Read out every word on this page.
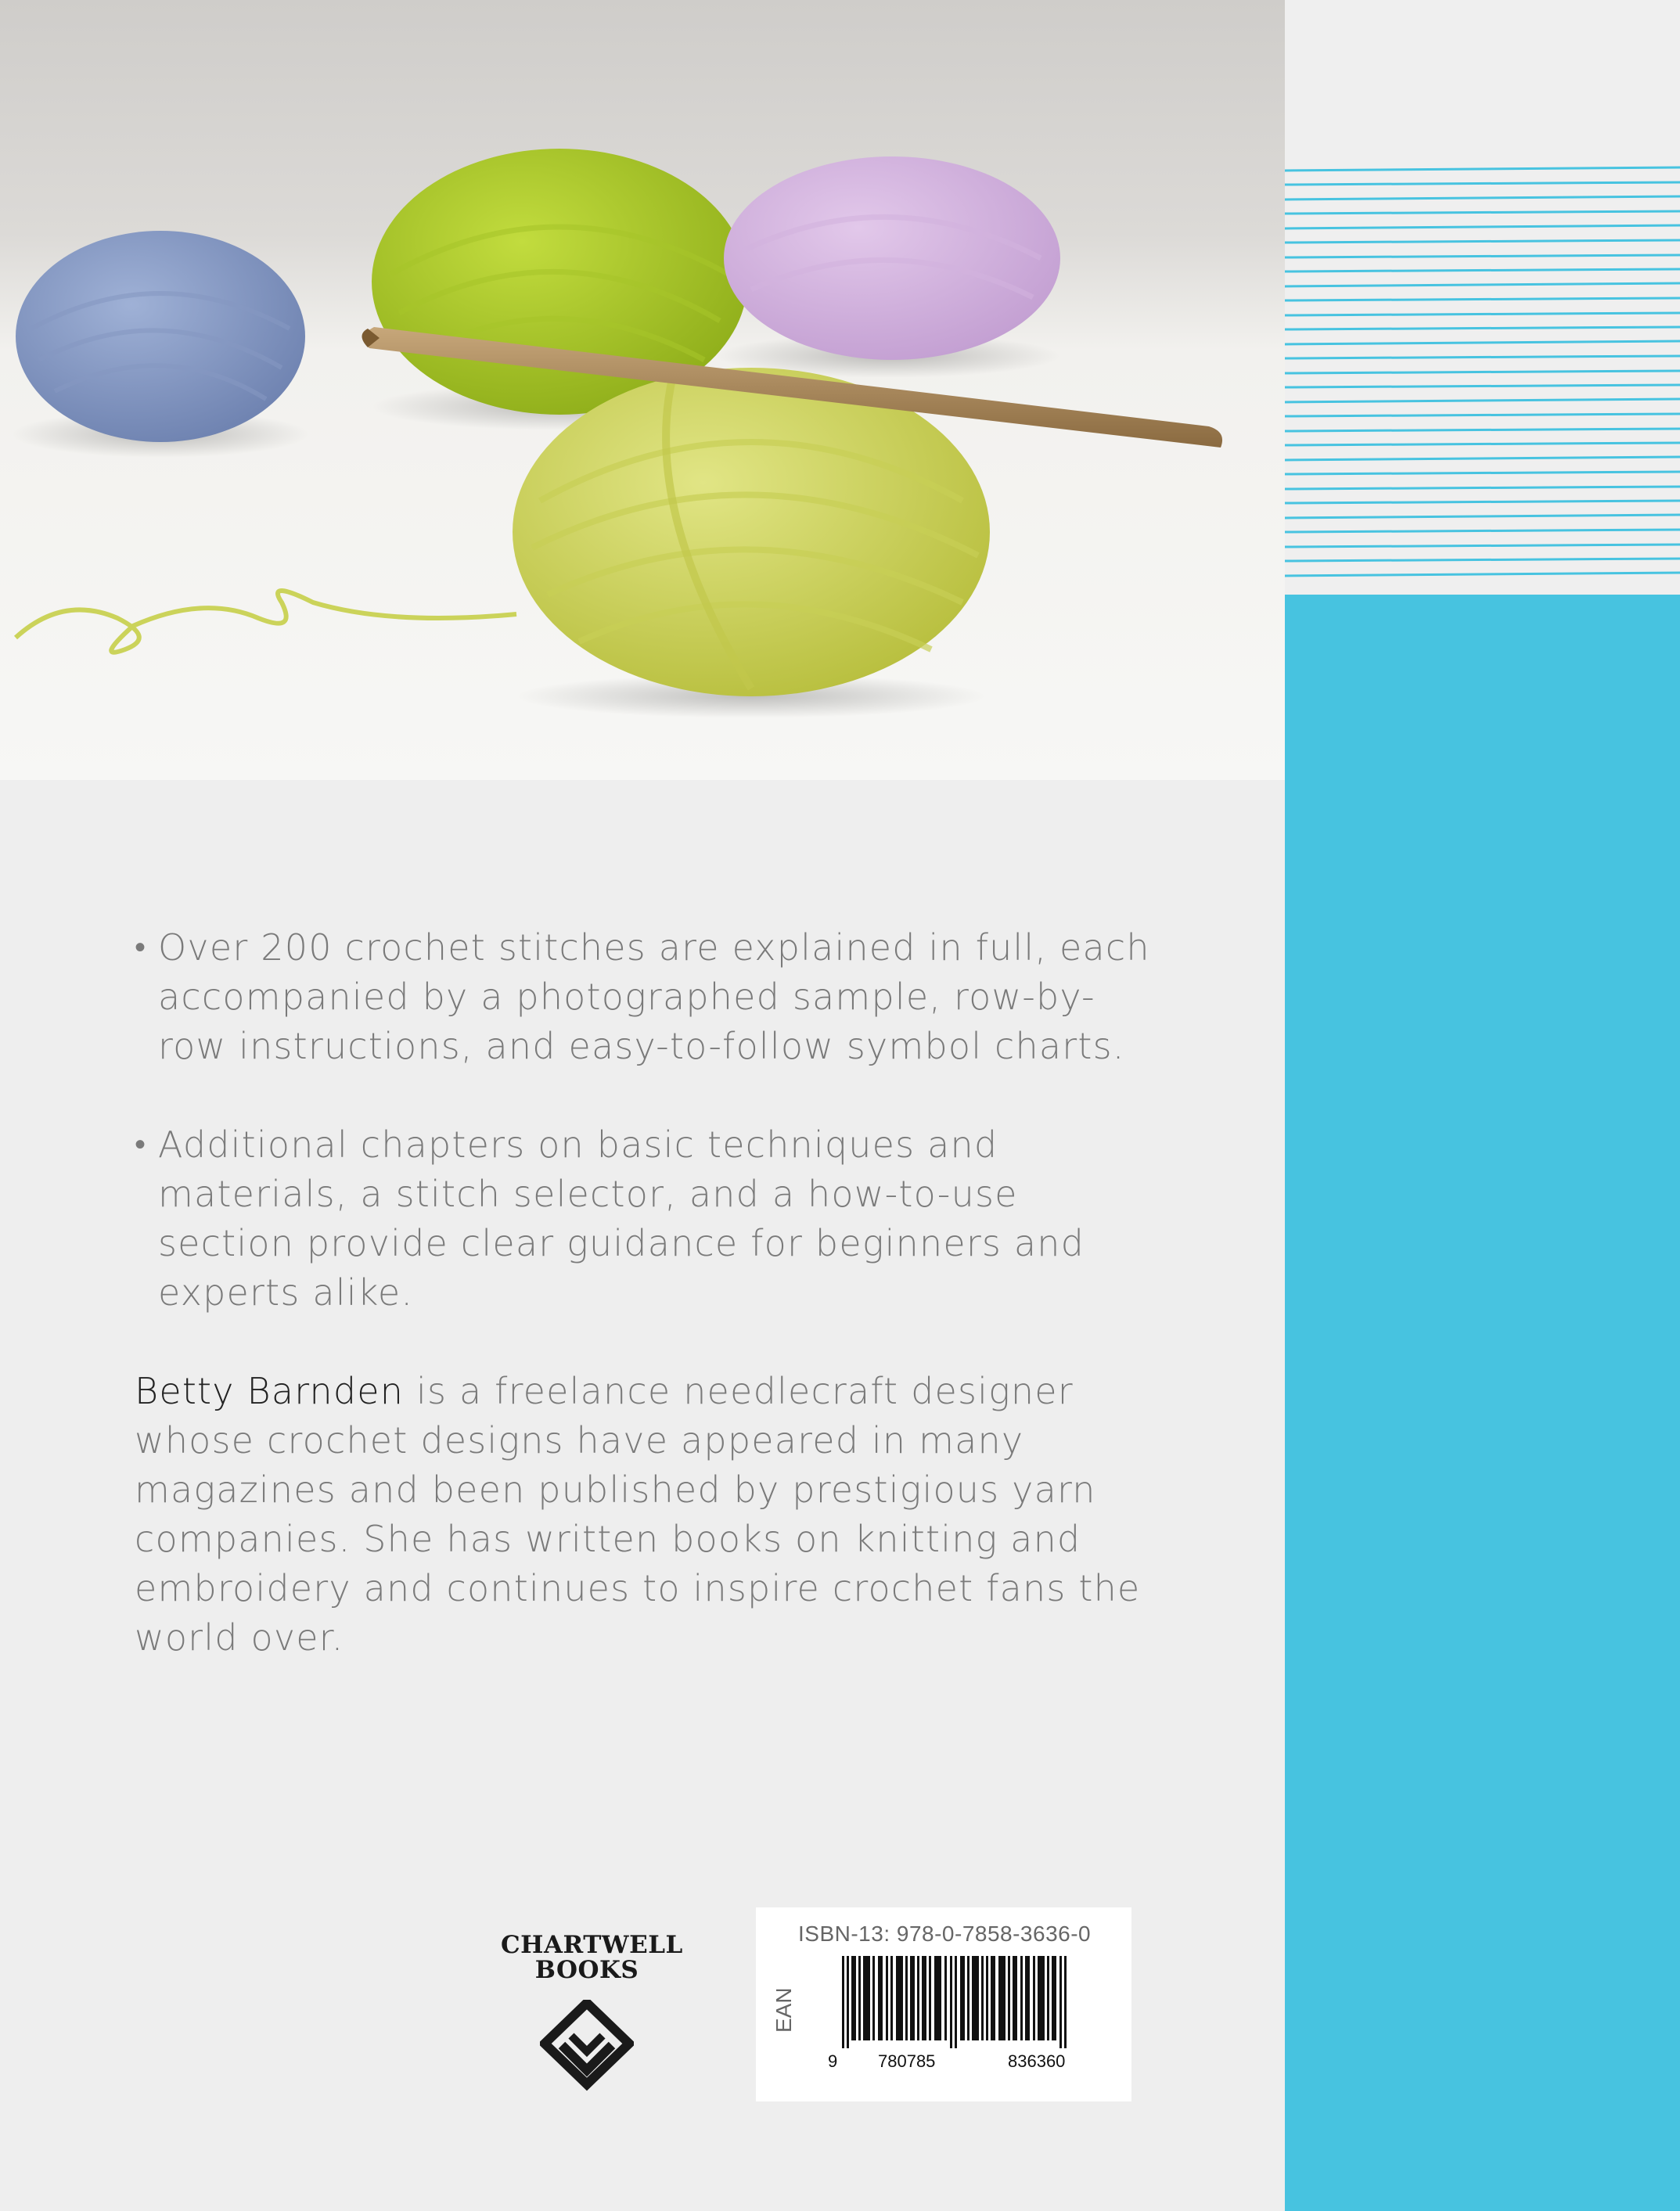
• Over 200 crochet stitches are explained in full, each accompanied by a photographed sample, row-by-row instructions, and easy-to-follow symbol charts.

• Additional chapters on basic techniques and materials, a stitch selector, and a how-to-use section provide clear guidance for beginners and experts alike.

Betty Barnden is a freelance needlecraft designer whose crochet designs have appeared in many magazines and been published by prestigious yarn companies. She has written books on knitting and embroidery and continues to inspire crochet fans the world over.

CHARTWELL
BOOKS
ISBN-13: 978-0-7858-3636-0
EAN
9 780785	836360
